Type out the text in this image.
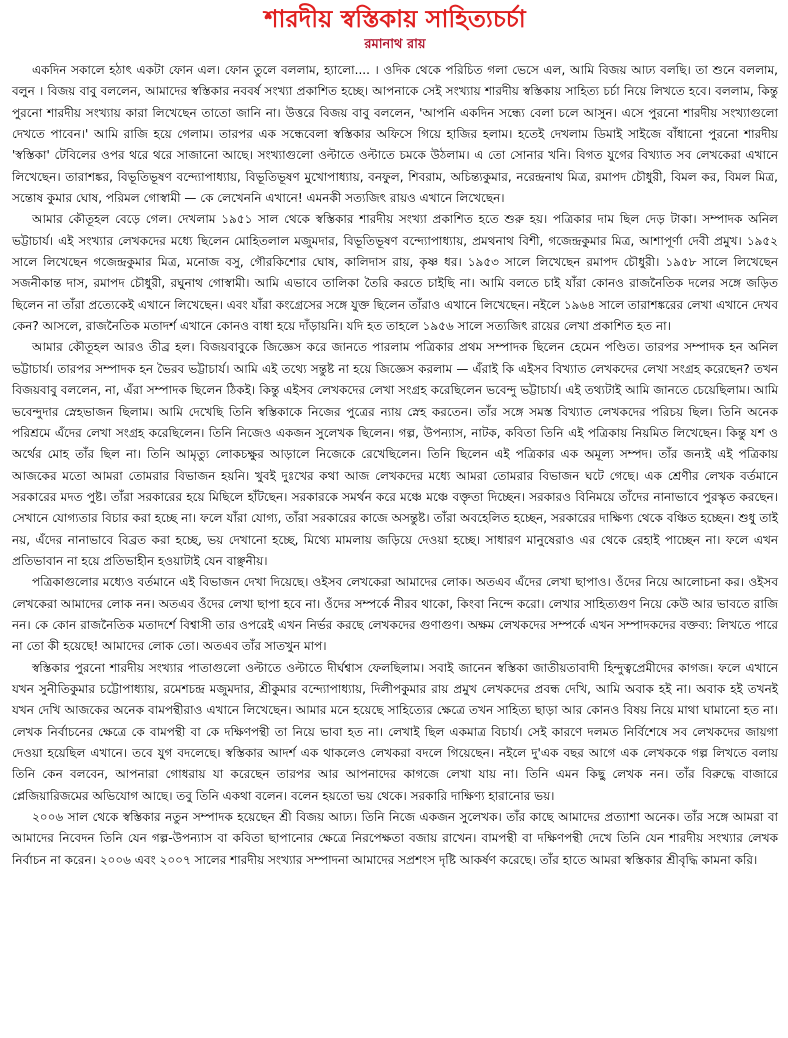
শারদীয় স্বস্তিকায় সাহিত্যচর্চা
রমানাথ রায়

একদিন সকালে হঠাৎ একটা ফোন এল। ফোন তুলে বললাম, হ্যালো.... । ওদিক থেকে পরিচিত গলা ভেসে এল, আমি বিজয় আঢ্য বলছি। তা শুনে বললাম, বলুন । বিজয় বাবু বললেন, আমাদের স্বস্তিকার নববর্ষ সংখ্যা প্রকাশিত হচ্ছে। আপনাকে সেই সংখ্যায় শারদীয় স্বস্তিকায় সাহিত্য চর্চা নিয়ে লিখতে হবে। বললাম, কিন্তু পুরনো শারদীয় সংখ্যায় কারা লিখেছেন তাতো জানি না। উত্তরে বিজয় বাবু বললেন, 'আপনি একদিন সন্ধ্যে বেলা চলে আসুন। এসে পুরনো শারদীয় সংখ্যাগুলো দেখতে পাবেন।' আমি রাজি হয়ে গেলাম। তারপর এক সন্ধেবেলা স্বস্তিকার অফিসে গিয়ে হাজির হলাম। হতেই দেখলাম ডিমাই সাইজে বাঁধানো পুরনো শারদীয় 'স্বস্তিকা' টেবিলের ওপর থরে থরে সাজানো আছে। সংখ্যাগুলো ওল্টাতে ওল্টাতে চমকে উঠলাম। এ তো সোনার খনি। বিগত যুগের বিখ্যাত সব লেখকেরা এখানে লিখেছেন। তারাশঙ্কর, বিভূতিভূষণ বন্দ্যোপাধ্যায়, বিভূতিভূষণ মুখোপাধ্যায়, বনফুল, শিবরাম, অচিন্ত্যকুমার, নরেন্দ্রনাথ মিত্র, রমাপদ চৌধুরী, বিমল কর, বিমল মিত্র, সন্তোষ কুমার ঘোষ, পরিমল গোস্বামী — কে লেখেননি এখানে! এমনকী সত্যজিৎ রায়ও এখানে লিখেছেন।

আমার কৌতূহল বেড়ে গেল। দেখলাম ১৯৫১ সাল থেকে স্বস্তিকার শারদীয় সংখ্যা প্রকাশিত হতে শুরু হয়। পত্রিকার দাম ছিল দেড় টাকা। সম্পাদক অনিল ভট্টাচার্য। এই সংখ্যার লেখকদের মধ্যে ছিলেন মোহিতলাল মজুমদার, বিভূতিভূষণ বন্দ্যোপাধ্যায়, প্রমথনাথ বিশী, গজেন্দ্রকুমার মিত্র, আশাপূর্ণা দেবী প্রমুখ। ১৯৫২ সালে লিখেছেন গজেন্দ্রকুমার মিত্র, মনোজ বসু, গৌরকিশোর ঘোষ, কালিদাস রায়, কৃষ্ণ ধর। ১৯৫৩ সালে লিখেছেন রমাপদ চৌধুরী। ১৯৫৮ সালে লিখেছেন সজনীকান্ত দাস, রমাপদ চৌধুরী, রঘুনাথ গোস্বামী। আমি এভাবে তালিকা তৈরি করতে চাইছি না। আমি বলতে চাই যাঁরা কোনও রাজনৈতিক দলের সঙ্গে জড়িত ছিলেন না তাঁরা প্রত্যেকেই এখানে লিখেছেন। এবং যাঁরা কংগ্রেসের সঙ্গে যুক্ত ছিলেন তাঁরাও এখানে লিখেছেন। নইলে ১৯৬৪ সালে তারাশঙ্করের লেখা এখানে দেখব কেন? আসলে, রাজনৈতিক মতাদর্শ এখানে কোনও বাধা হয়ে দাঁড়ায়নি। যদি হত তাহলে ১৯৫৬ সালে সত্যজিৎ রায়ের লেখা প্রকাশিত হত না।

আমার কৌতূহল আরও তীব্র হল। বিজয়বাবুকে জিজ্ঞেস করে জানতে পারলাম পত্রিকার প্রথম সম্পাদক ছিলেন হেমেন পণ্ডিত। তারপর সম্পাদক হন অনিল ভট্টাচার্য। তারপর সম্পাদক হন ভৈরব ভট্টাচার্য। আমি এই তথ্যে সন্তুষ্ট না হয়ে জিজ্ঞেস করলাম — এঁরাই কি এইসব বিখ্যাত লেখকদের লেখা সংগ্রহ করেছেন? তখন বিজয়বাবু বললেন, না, এঁরা সম্পাদক ছিলেন ঠিকই। কিন্তু এইসব লেখকদের লেখা সংগ্রহ করেছিলেন ভবেন্দু ভট্টাচার্য। এই তথ্যটাই আমি জানতে চেয়েছিলাম। আমি ভবেন্দুদার স্নেহভাজন ছিলাম। আমি দেখেছি তিনি স্বস্তিকাকে নিজের পুত্রের ন্যায় স্নেহ করতেন। তাঁর সঙ্গে সমস্ত বিখ্যাত লেখকদের পরিচয় ছিল। তিনি অনেক পরিশ্রমে এঁদের লেখা সংগ্রহ করেছিলেন। তিনি নিজেও একজন সুলেখক ছিলেন। গল্প, উপন্যাস, নাটক, কবিতা তিনি এই পত্রিকায় নিয়মিত লিখেছেন। কিন্তু যশ ও অর্থের মোহ তাঁর ছিল না। তিনি আমৃত্যু লোকচক্ষুর আড়ালে নিজেকে রেখেছিলেন। তিনি ছিলেন এই পত্রিকার এক অমূল্য সম্পদ। তাঁর জন্যই এই পত্রিকায় আজকের মতো আমরা তোমরার বিভাজন হয়নি। খুবই দুঃখের কথা আজ লেখকদের মধ্যে আমরা তোমরার বিভাজন ঘটে গেছে। এক শ্রেণীর লেখক বর্তমানে সরকারের মদত পুষ্ট। তাঁরা সরকারের হয়ে মিছিলে হাঁটছেন। সরকারকে সমর্থন করে মঞ্চে মঞ্চে বক্তৃতা দিচ্ছেন। সরকারও বিনিময়ে তাঁদের নানাভাবে পুরস্কৃত করছেন। সেখানে যোগ্যতার বিচার করা হচ্ছে না। ফলে যাঁরা যোগ্য, তাঁরা সরকারের কাজে অসন্তুষ্ট। তাঁরা অবহেলিত হচ্ছেন, সরকারের দাক্ষিণ্য থেকে বঞ্চিত হচ্ছেন। শুধু তাই নয়, এঁদের নানাভাবে বিব্রত করা হচ্ছে, ভয় দেখানো হচ্ছে, মিথ্যে মামলায় জড়িয়ে দেওয়া হচ্ছে। সাধারণ মানুষেরাও এর থেকে রেহাই পাচ্ছেন না। ফলে এখন প্রতিভাবান না হয়ে প্রতিভাহীন হওয়াটাই যেন বাঞ্ছনীয়।

পত্রিকাগুলোর মধ্যেও বর্তমানে এই বিভাজন দেখা দিয়েছে। ওইসব লেখকেরা আমাদের লোক। অতএব এঁদের লেখা ছাপাও। ওঁদের নিয়ে আলোচনা কর। ওইসব লেখকেরা আমাদের লোক নন। অতএব ওঁদের লেখা ছাপা হবে না। ওঁদের সম্পর্কে নীরব থাকো, কিংবা নিন্দে করো। লেখার সাহিত্যগুণ নিয়ে কেউ আর ভাবতে রাজি নন। কে কোন রাজনৈতিক মতাদর্শে বিশ্বাসী তার ওপরেই এখন নির্ভর করছে লেখকদের গুণাগুণ। অক্ষম লেখকদের সম্পর্কে এখন সম্পাদকদের বক্তব্য: লিখতে পারে না তো কী হয়েছে! আমাদের লোক তো। অতএব তাঁর সাতখুন মাপ।

স্বস্তিকার পুরনো শারদীয় সংখ্যার পাতাগুলো ওল্টাতে ওল্টাতে দীর্ঘশ্বাস ফেলছিলাম। সবাই জানেন স্বস্তিকা জাতীয়তাবাদী হিন্দুত্বপ্রেমীদের কাগজ। ফলে এখানে যখন সুনীতিকুমার চট্টোপাধ্যায়, রমেশচন্দ্র মজুমদার, শ্রীকুমার বন্দ্যোপাধ্যায়, দিলীপকুমার রায় প্রমুখ লেখকদের প্রবন্ধ দেখি, আমি অবাক হই না। অবাক হই তখনই যখন দেখি আজকের অনেক বামপন্থীরাও এখানে লিখেছেন। আমার মনে হয়েছে সাহিত্যের ক্ষেত্রে তখন সাহিত্য ছাড়া আর কোনও বিষয় নিয়ে মাথা ঘামানো হত না। লেখক নির্বাচনের ক্ষেত্রে কে বামপন্থী বা কে দক্ষিণপন্থী তা নিয়ে ভাবা হত না। লেখাই ছিল একমাত্র বিচার্য। সেই কারণে দলমত নির্বিশেষে সব লেখকদের জায়গা দেওয়া হয়েছিল এখানে। তবে যুগ বদলেছে। স্বস্তিকার আদর্শ এক থাকলেও লেখকরা বদলে গিয়েছেন। নইলে দু'এক বছর আগে এক লেখককে গল্প লিখতে বলায় তিনি কেন বলবেন, আপনারা গোধরায় যা করেছেন তারপর আর আপনাদের কাগজে লেখা যায় না। তিনি এমন কিছু লেখক নন। তাঁর বিরুদ্ধে বাজারে প্লেজিয়ারিজমের অভিযোগ আছে। তবু তিনি একথা বলেন। বলেন হয়তো ভয় থেকে। সরকারি দাক্ষিণ্য হারানোর ভয়।

২০০৬ সাল থেকে স্বস্তিকার নতুন সম্পাদক হয়েছেন শ্রী বিজয় আঢ্য। তিনি নিজে একজন সুলেখক। তাঁর কাছে আমাদের প্রত্যাশা অনেক। তাঁর সঙ্গে আমরা বা আমাদের নিবেদন তিনি যেন গল্প-উপন্যাস বা কবিতা ছাপানোর ক্ষেত্রে নিরপেক্ষতা বজায় রাখেন। বামপন্থী বা দক্ষিণপন্থী দেখে তিনি যেন শারদীয় সংখ্যার লেখক নির্বাচন না করেন। ২০০৬ এবং ২০০৭ সালের শারদীয় সংখ্যার সম্পাদনা আমাদের সপ্রশংস দৃষ্টি আকর্ষণ করেছে। তাঁর হাতে আমরা স্বস্তিকার শ্রীবৃদ্ধি কামনা করি।
